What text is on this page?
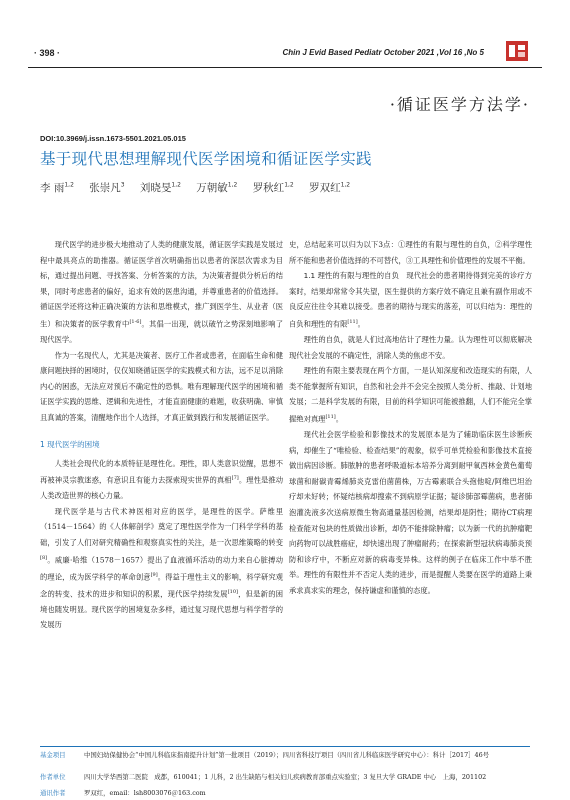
· 398 ·	Chin J Evid Based Pediatr October 2021 ,Vol 16 ,No 5
·循证医学方法学·
DOI:10.3969/j.issn.1673-5501.2021.05.015
基于现代思想理解现代医学困境和循证医学实践
李 雨$^{1,2}$ 张崇凡$^3$ 刘晓旻$^{1,2}$ 万朝敏$^{1,2}$ 罗秋红$^{1,2}$ 罗双红$^{1,2}$

现代医学的进步极大地推动了人类的健康发展，循证医学实践是发展过程中最具亮点的助推器。循证医学首次明确指出以患者的深层次需求为目标，通过提出问题、寻找答案、分析答案的方法，为决策者提供分析后的结果，同时考虑患者的偏好，追求有效的医患沟通，并尊重患者的价值选择。循证医学还将这种正确决策的方法和思维模式，推广到医学生、从业者（医生）和决策者的医学教育中[1-6]。其倡一出现，就以破竹之势深刻地影响了现代医学。

作为一名现代人，尤其是决策者、医疗工作者或患者，在面临生命和健康问题抉择的困境时，仅仅知晓循证医学的实践模式和方法，远不足以消除内心的困惑，无法应对预后不确定性的恐惧。唯有理解现代医学的困境和循证医学实践的思维、逻辑和先进性，才能直面健康的难题，收获明确、审慎且真诚的答案，清醒地作出个人选择，才真正做到践行和发展循证医学。

1 现代医学的困境

人类社会现代化的本质特征是理性化。理性，即人类意识觉醒，思想不再被神灵宗教迷惑，有意识且有能力去探索现实世界的真相[7]。理性是推动人类改造世界的核心力量。

现代医学是与古代术神医相对应的医学，是理性的医学。萨维里（1514－1564）的《人体解剖学》奠定了理性医学作为一门科学学科的基础，引发了人们对研究精确性和观察真实性的关注，是一次思维策略的转变[8]。威廉·哈维（1578－1657）提出了血液循环活动的动力来自心脏搏动的理论，成为医学科学的革命创意[9]。得益于理性主义的影响，科学研究观念的转变、技术的进步和知识的积累，现代医学持续发展[10]，但是新的困境也随发明显。现代医学的困境复杂多样，通过复习现代思想与科学哲学的发展历

史，总结起来可以归为以下3点：①理性的有限与理性的自负，②科学理性所不能和患者价值选择的不可替代，③工具理性和价值理性的发展不平衡。

1.1 理性的有限与理性的自负　 现代社会的患者期待得到完美的诊疗方案时，结果却常常令其失望，医生提供的方案疗效不确定且兼有副作用或不良反应往往令其难以接受。患者的期待与现实的落差，可以归结为：理性的自负和理性的有限[11]。

理性的自负，就是人们过高地估计了理性力量。认为理性可以彻底解决现代社会发展的不确定性，消除人类的焦虑不安。

理性的有限主要表现在两个方面，一是认知深度和改造现实的有限，人类不能掌握所有知识，自然和社会并不会完全按照人类分析、推敲、计划地发展；二是科学发展的有限，目前的科学知识可能被推翻，人们不能完全掌握绝对真理[11]。

现代社会医学检验和影像技术的发展原本是为了辅助临床医生诊断疾病，却催生了“唯检验、检查结果”的观象，似乎可单凭检验和影像技术直接做出病因诊断。肺脓肿的患者呼吸道标本培养分离到耐甲氧西林金黄色葡萄球菌和耐碳青霉烯肺炎克雷伯菌菌株，万古霉素联合头孢他啶/阿维巴坦治疗却未好转；怀疑结核病却搜索不到病原学证据；疑诊肺部霉菌病，患者肺泡灌洗液多次送病原微生物高通量基因检测，结果却是阴性；期待CT病理检查能对包块的性质做出诊断，却仍不能排除肿瘤；以为新一代的抗肿瘤靶向药物可以战胜癌症，却快速出现了肿瘤耐药；在探索新型冠状病毒肺炎预防和诊疗中，不断应对新的病毒变异株。这样的例子在临床工作中举不胜举。理性的有限性并不否定人类的进步，而是提醒人类要在医学的道路上秉承求真求实的理念，保持谦虚和谨慎的态度。

基金项目	中国妇幼保健协会“中国儿科临床指南提升计划”第一批项目（2019）；四川省科技厅项目（四川省儿科临床医学研究中心）：科计［2017］46号
作者单位	四川大学华西第二医院　成都，610041；1 儿科，2 出生缺陷与相关妇儿疾病教育部重点实验室；3 复旦大学 GRADE 中心　上海，201102
通讯作者	罗双红，email：lsh8003076＠163.com
